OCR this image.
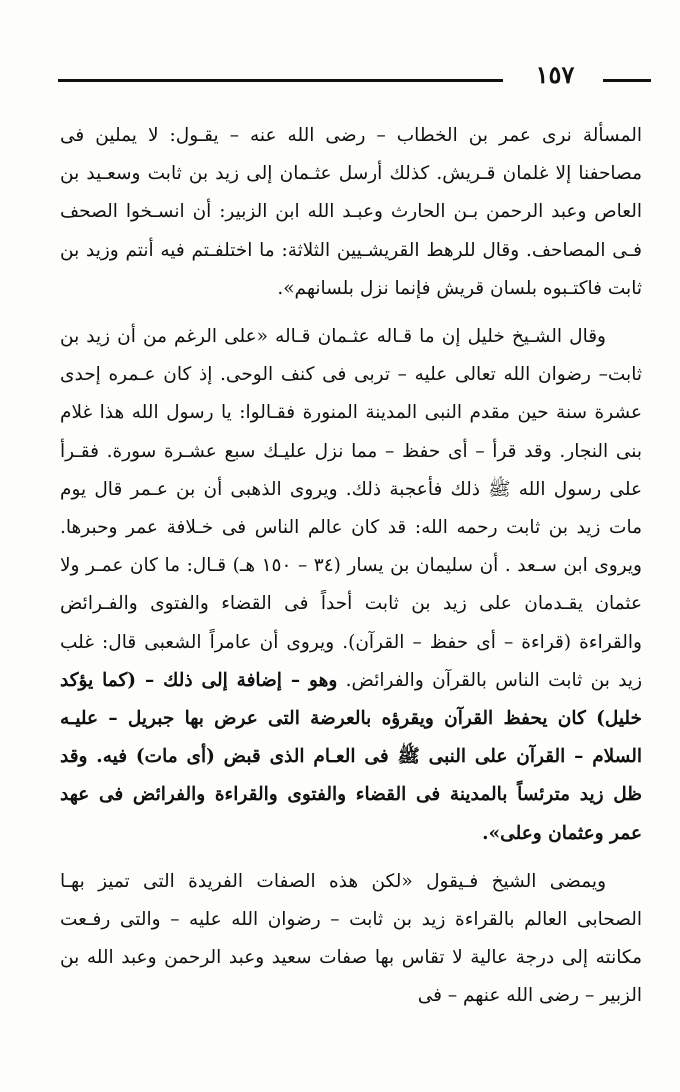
١٥٧

المسألة نرى عمر بن الخطاب – رضى الله عنه – يقـول: لا يملين فى مصاحفنا إلا غلمان قـريش. كذلك أرسل عثـمان إلى زيد بن ثابت وسعـيد بن العاص وعبد الرحمن بـن الحارث وعبـد الله ابن الزبير: أن انسـخوا الصحف فـى المصاحف. وقال للرهط القريشـيين الثلاثة: ما اختلفـتم فيه أنتم وزيد بن ثابت فاكتـبوه بلسان قريش فإنما نزل بلسانهم».

وقال الشـيخ خليل إن ما قـاله عثـمان قـاله «على الرغم من أن زيد بن ثابت– رضوان الله تعالى عليه – تربى فى كنف الوحى. إذ كان عـمره إحدى عشرة سنة حين مقدم النبى المدينة المنورة فقـالوا: يا رسول الله هذا غلام بنى النجار. وقد قرأ – أى حفظ – مما نزل عليـك سبع عشـرة سورة. فقـرأ على رسول الله ﷺ ذلك فأعجبة ذلك. ويروى الذهبى أن بن عـمر قال يوم مات زيد بن ثابت رحمه الله: قد كان عالم الناس فى خـلافة عمر وحبرها. ويروى ابن سـعد . أن سليمان بن يسار (٣٤ – ١٥٠ هـ) قـال: ما كان عمـر ولا عثمان يقـدمان على زيد بن ثابت أحداً فى القضاء والفتوى والفـرائض والقراءة (قراءة – أى حفظ – القرآن). ويروى أن عامراً الشعبى قال: غلب زيد بن ثابت الناس بالقرآن والفرائض. وهو – إضافة إلى ذلك – (كما يؤكد خليل) كان يحفظ القرآن ويقرؤه بالعرضة التى عرض بها جبريل – عليـه السلام – القرآن على النبى ﷺ فى العـام الذى قبض (أى مات) فيه. وقد ظل زيد مترئساً بالمدينة فى القضاء والفتوى والقراءة والفرائض فى عهد عمر وعثمان وعلى».

ويمضى الشيخ فـيقول «لكن هذه الصفات الفريدة التى تميز بهـا الصحابى العالم بالقراءة زيد بن ثابت – رضوان الله عليه – والتى رفـعت مكانته إلى درجة عالية لا تقاس بها صفات سعيد وعبد الرحمن وعبد الله بن الزبير – رضى الله عنهم – فى
